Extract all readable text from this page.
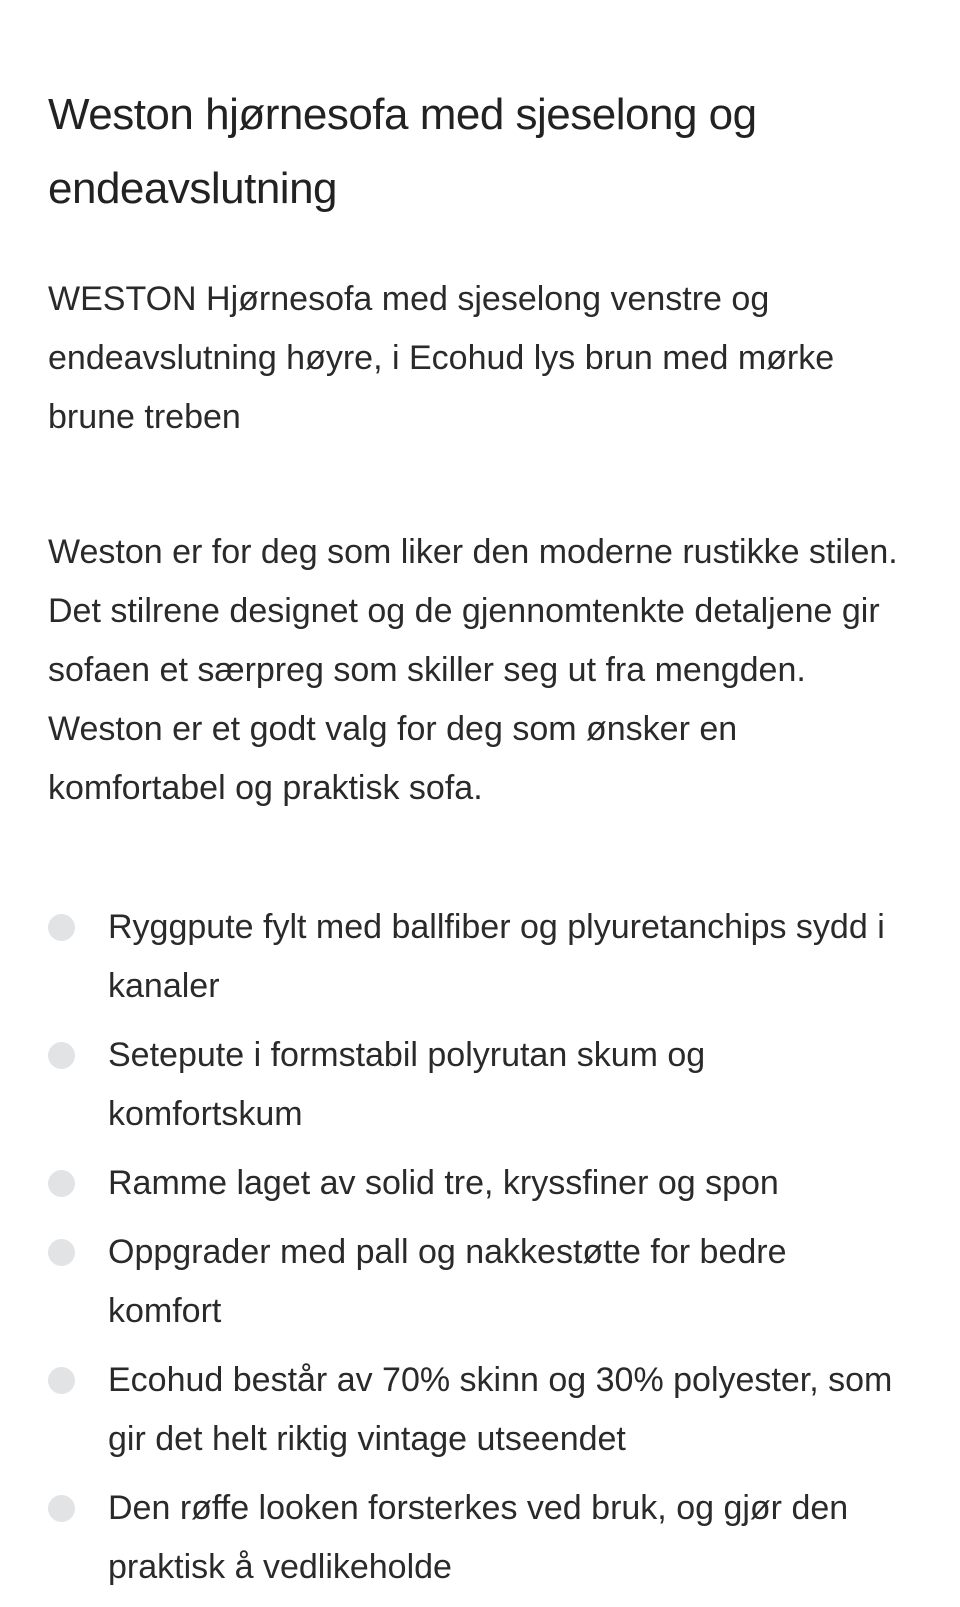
Weston hjørnesofa med sjeselong og endeavslutning
WESTON Hjørnesofa med sjeselong venstre og endeavslutning høyre, i Ecohud lys brun med mørke brune treben
Weston er for deg som liker den moderne rustikke stilen. Det stilrene designet og de gjennomtenkte detaljene gir sofaen et særpreg som skiller seg ut fra mengden. Weston er et godt valg for deg som ønsker en komfortabel og praktisk sofa.
Ryggpute fylt med ballfiber og plyuretanchips sydd i kanaler
Setepute i formstabil polyrutan skum og komfortskum
Ramme laget av solid tre, kryssfiner og spon
Oppgrader med pall og nakkestøtte for bedre komfort
Ecohud består av 70% skinn og 30% polyester, som gir det helt riktig vintage utseendet
Den røffe looken forsterkes ved bruk, og gjør den praktisk å vedlikeholde
